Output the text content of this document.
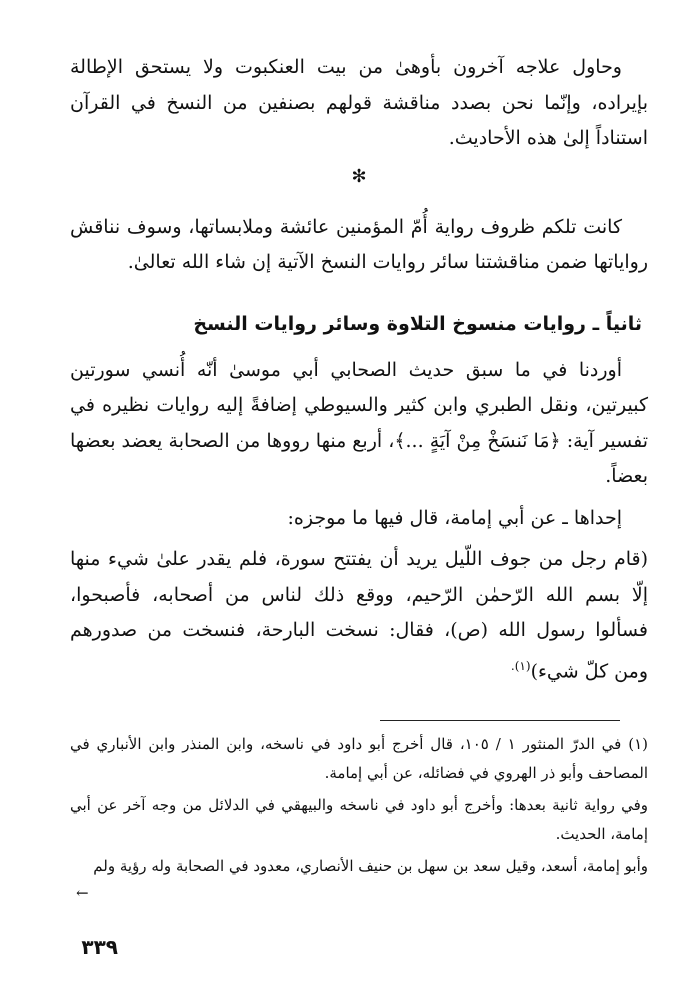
وحاول علاجه آخرون بأوهىٰ من بيت العنكبوت ولا يستحق الإطالة بإيراده، وإنّما نحن بصدد مناقشة قولهم بصنفين من النسخ في القرآن استناداً إلىٰ هذه الأحاديث.

✻

كانت تلكم ظروف رواية أُمّ المؤمنين عائشة وملابساتها، وسوف نناقش رواياتها ضمن مناقشتنا سائر روايات النسخ الآتية إن شاء الله تعالىٰ.

ثانياً ـ روايات منسوخ التلاوة وسائر روايات النسخ

أوردنا في ما سبق حديث الصحابي أبي موسىٰ أنّه أُنسي سورتين كبيرتين، ونقل الطبري وابن كثير والسيوطي إضافةً إليه روايات نظيره في تفسير آية: ﴿مَا نَنسَخْ مِنْ آيَةٍ ...﴾، أربع منها رووها من الصحابة يعضد بعضها بعضاً.

إحداها ـ عن أبي إمامة، قال فيها ما موجزه:

(قام رجل من جوف اللّيل يريد أن يفتتح سورة، فلم يقدر علىٰ شيء منها إلّا بسم الله الرّحمٰن الرّحيم، ووقع ذلك لناس من أصحابه، فأصبحوا، فسألوا رسول الله (ص)، فقال: نسخت البارحة، فنسخت من صدورهم ومن كلّ شيء)$^{(١).}$

(١) في الدرّ المنثور ١ / ١٠٥، قال أخرج أبو داود في ناسخه، وابن المنذر وابن الأنباري في المصاحف وأبو ذر الهروي في فضائله، عن أبي إمامة.

وفي رواية ثانية بعدها: وأخرج أبو داود في ناسخه والبيهقي في الدلائل من وجه آخر عن أبي إمامة، الحديث.

وأبو إمامة، أسعد، وقيل سعد بن سهل بن حنيف الأنصاري، معدود في الصحابة وله رؤية ولم

←
٣٣٩
